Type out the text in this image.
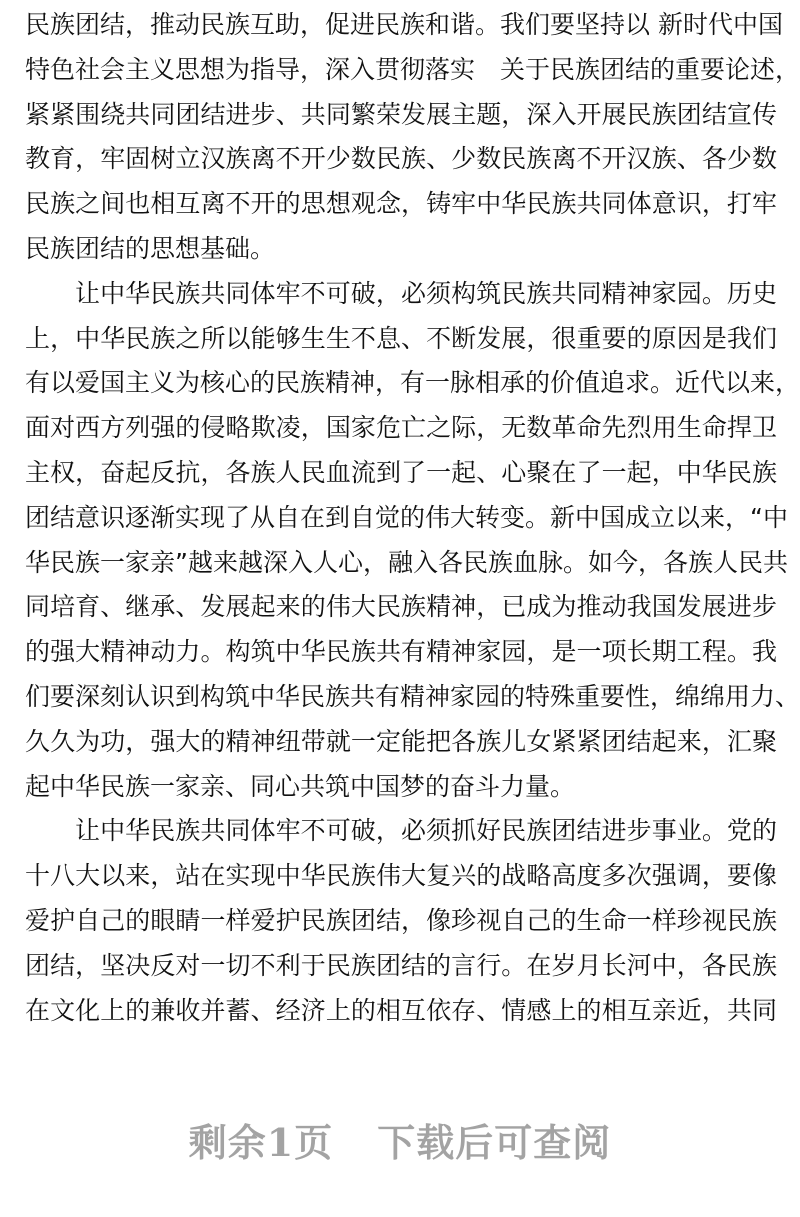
民族团结，推动民族互助，促进民族和谐。我们要坚持以 新时代中国
特色社会主义思想为指导，深入贯彻落实　关于民族团结的重要论述，
紧紧围绕共同团结进步、共同繁荣发展主题，深入开展民族团结宣传
教育，牢固树立汉族离不开少数民族、少数民族离不开汉族、各少数
民族之间也相互离不开的思想观念，铸牢中华民族共同体意识，打牢
民族团结的思想基础。
让中华民族共同体牢不可破，必须构筑民族共同精神家园。历史
上，中华民族之所以能够生生不息、不断发展，很重要的原因是我们
有以爱国主义为核心的民族精神，有一脉相承的价值追求。近代以来，
面对西方列强的侵略欺凌，国家危亡之际，无数革命先烈用生命捍卫
主权，奋起反抗，各族人民血流到了一起、心聚在了一起，中华民族
团结意识逐渐实现了从自在到自觉的伟大转变。新中国成立以来，“中
华民族一家亲”越来越深入人心，融入各民族血脉。如今，各族人民共
同培育、继承、发展起来的伟大民族精神，已成为推动我国发展进步
的强大精神动力。构筑中华民族共有精神家园，是一项长期工程。我
们要深刻认识到构筑中华民族共有精神家园的特殊重要性，绵绵用力、
久久为功，强大的精神纽带就一定能把各族儿女紧紧团结起来，汇聚
起中华民族一家亲、同心共筑中国梦的奋斗力量。
让中华民族共同体牢不可破，必须抓好民族团结进步事业。党的
十八大以来，站在实现中华民族伟大复兴的战略高度多次强调，要像
爱护自己的眼睛一样爱护民族团结，像珍视自己的生命一样珍视民族
团结，坚决反对一切不利于民族团结的言行。在岁月长河中，各民族
在文化上的兼收并蓄、经济上的相互依存、情感上的相互亲近，共同
剩余1页 下载后可查阅
